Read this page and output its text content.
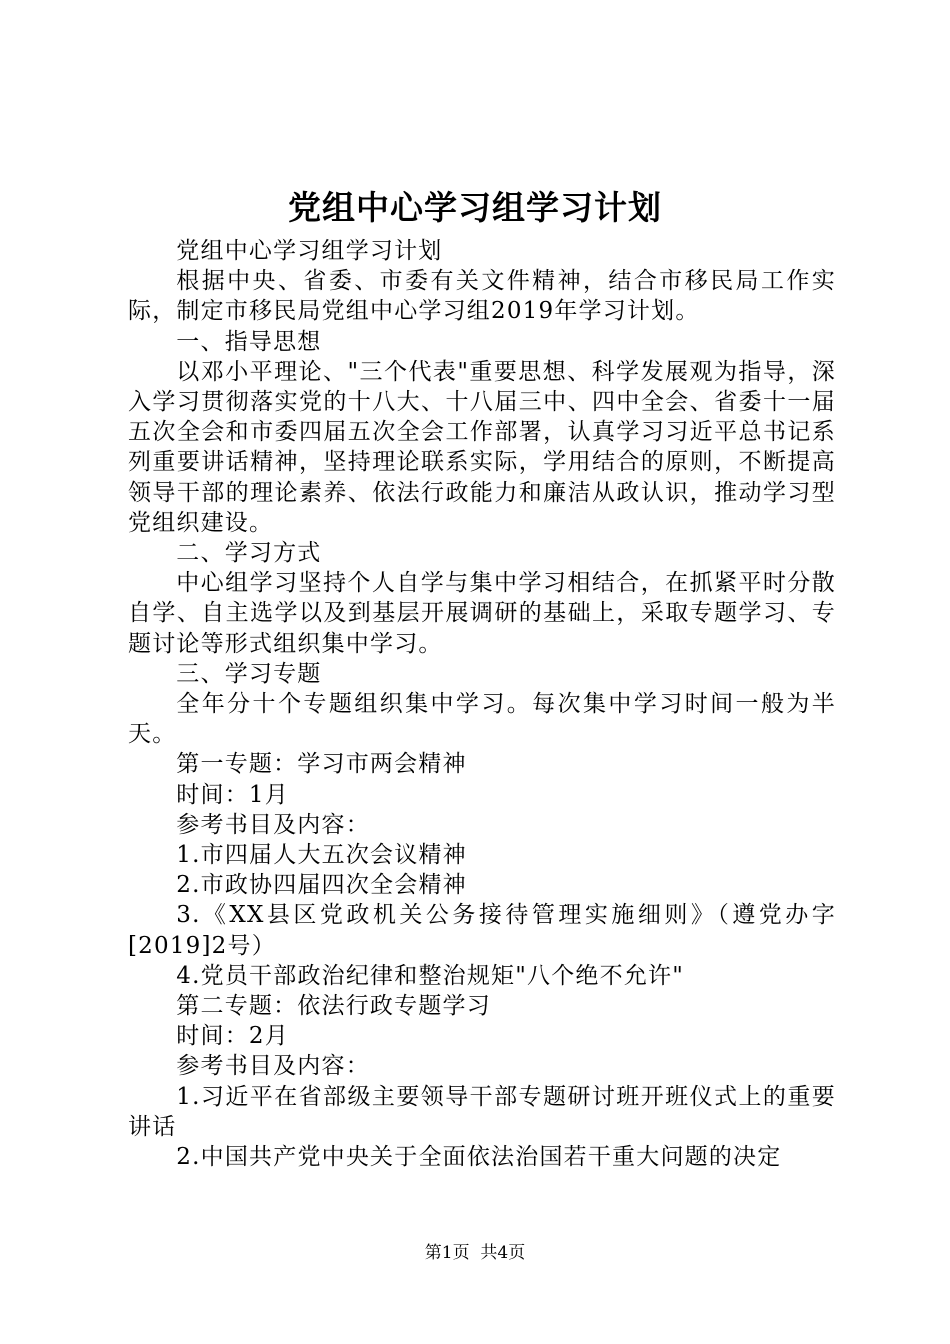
党组中心学习组学习计划

党组中心学习组学习计划

根据中央、省委、市委有关文件精神，结合市移民局工作实际，制定市移民局党组中心学习组2019年学习计划。

一、指导思想

以邓小平理论、"三个代表"重要思想、科学发展观为指导，深入学习贯彻落实党的十八大、十八届三中、四中全会、省委十一届五次全会和市委四届五次全会工作部署，认真学习习近平总书记系列重要讲话精神，坚持理论联系实际，学用结合的原则，不断提高领导干部的理论素养、依法行政能力和廉洁从政认识，推动学习型党组织建设。

二、学习方式

中心组学习坚持个人自学与集中学习相结合，在抓紧平时分散自学、自主选学以及到基层开展调研的基础上，采取专题学习、专题讨论等形式组织集中学习。

三、学习专题

全年分十个专题组织集中学习。每次集中学习时间一般为半天。

第一专题：学习市两会精神

时间：1月

参考书目及内容：

1.市四届人大五次会议精神

2.市政协四届四次全会精神

3.《XX县区党政机关公务接待管理实施细则》（遵党办字[2019]2号）

4.党员干部政治纪律和整治规矩"八个绝不允许"

第二专题：依法行政专题学习

时间：2月

参考书目及内容：

1.习近平在省部级主要领导干部专题研讨班开班仪式上的重要讲话

2.中国共产党中央关于全面依法治国若干重大问题的决定

第1页 共4页
